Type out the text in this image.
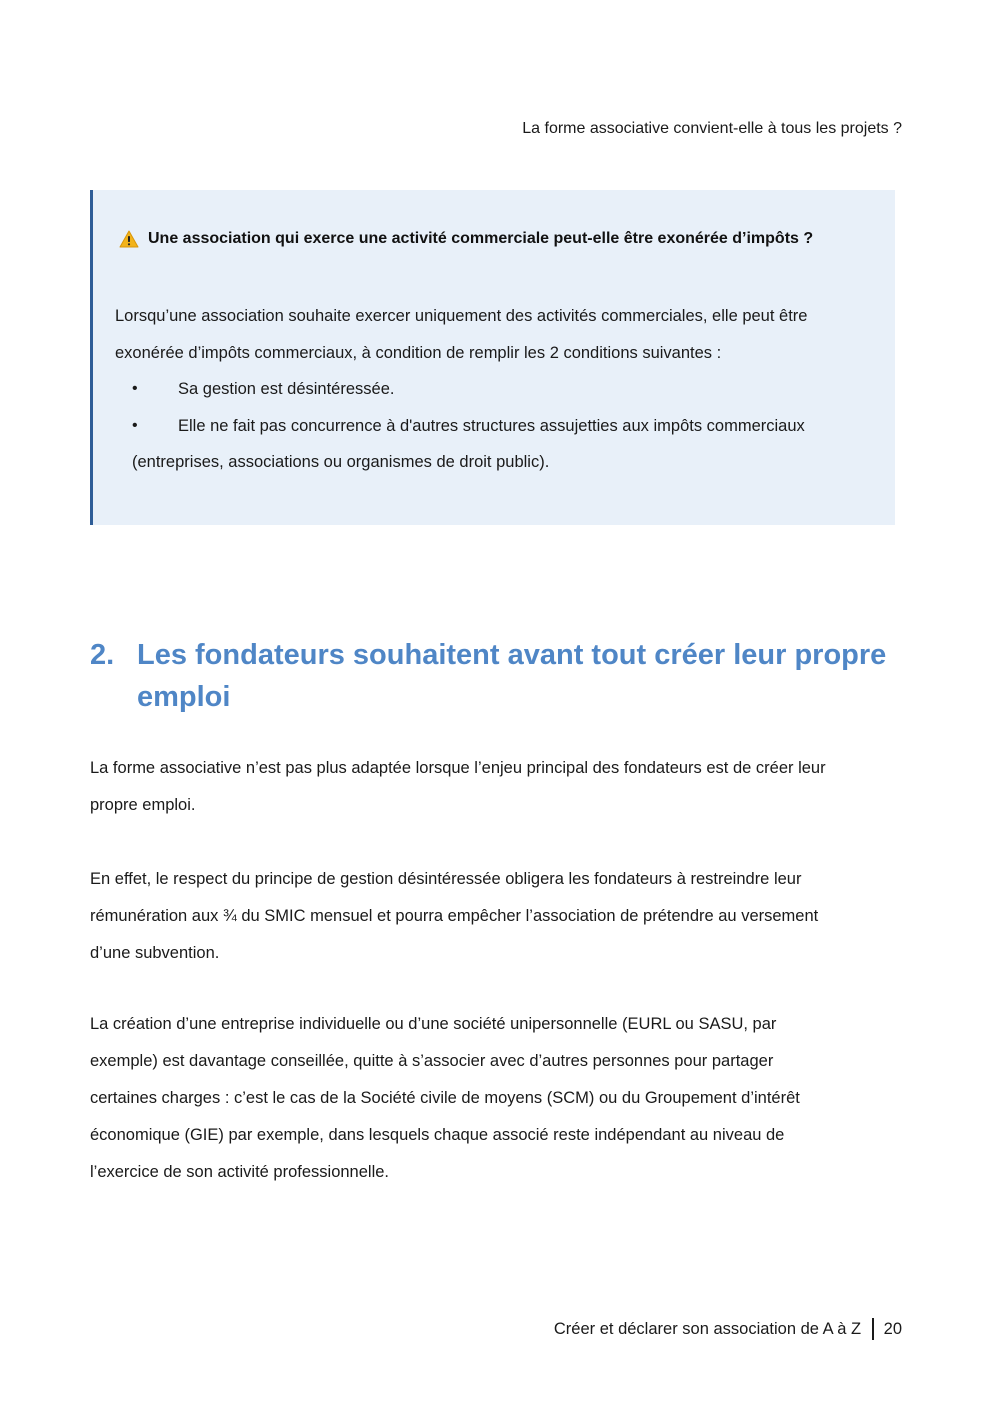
La forme associative convient-elle à tous les projets ?
Une association qui exerce une activité commerciale peut-elle être exonérée d’impôts ?

Lorsqu’une association souhaite exercer uniquement des activités commerciales, elle peut être
exonérée d’impôts commerciaux, à condition de remplir les 2 conditions suivantes :

•	Sa gestion est désintéressée.
•	Elle ne fait pas concurrence à d'autres structures assujetties aux impôts commerciaux
(entreprises, associations ou organismes de droit public).
2. Les fondateurs souhaitent avant tout créer leur propre
emploi

La forme associative n’est pas plus adaptée lorsque l’enjeu principal des fondateurs est de créer leur
propre emploi.

En effet, le respect du principe de gestion désintéressée obligera les fondateurs à restreindre leur
rémunération aux ¾ du SMIC mensuel et pourra empêcher l’association de prétendre au versement
d’une subvention.

La création d’une entreprise individuelle ou d’une société unipersonnelle (EURL ou SASU, par
exemple) est davantage conseillée, quitte à s’associer avec d’autres personnes pour partager
certaines charges : c’est le cas de la Société civile de moyens (SCM) ou du Groupement d’intérêt
économique (GIE) par exemple, dans lesquels chaque associé reste indépendant au niveau de
l’exercice de son activité professionnelle.

Créer et déclarer son association de A à Z 20
